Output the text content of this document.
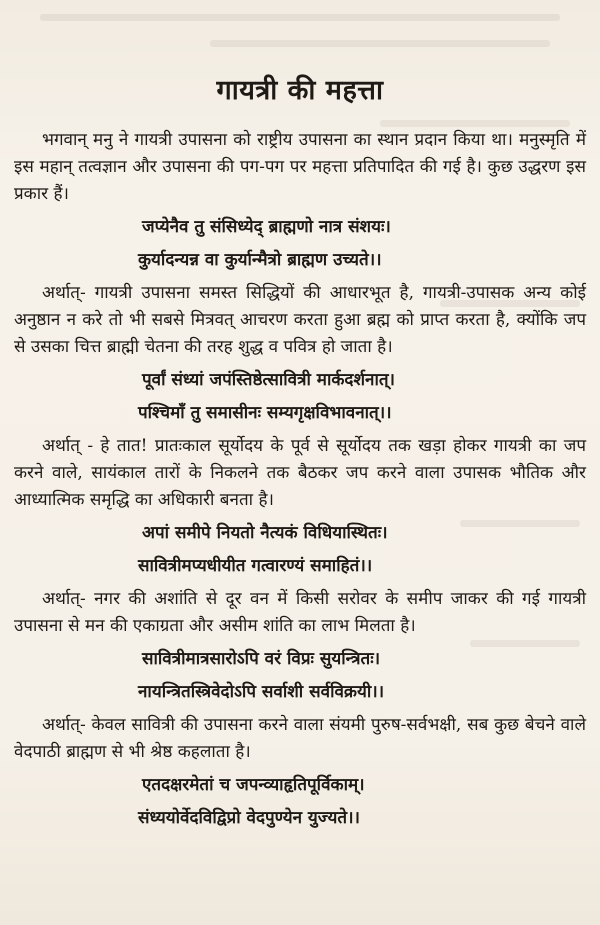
गायत्री की महत्ता

भगवान् मनु ने गायत्री उपासना को राष्ट्रीय उपासना का स्थान प्रदान किया था। मनुस्मृति में इस महान् तत्वज्ञान और उपासना की पग-पग पर महत्ता प्रतिपादित की गई है। कुछ उद्धरण इस प्रकार हैं।

जप्येनैव तु संसिध्येद् ब्राह्मणो नात्र संशयः।
कुर्यादन्यन्न वा कुर्यान्मैत्रो ब्राह्मण उच्यते।।

अर्थात्- गायत्री उपासना समस्त सिद्धियों की आधारभूत है, गायत्री-उपासक अन्य कोई अनुष्ठान न करे तो भी सबसे मित्रवत् आचरण करता हुआ ब्रह्म को प्राप्त करता है, क्योंकि जप से उसका चित्त ब्राह्मी चेतना की तरह शुद्ध व पवित्र हो जाता है।

पूर्वां संध्यां जपंस्तिष्ठेत्सावित्री मार्कदर्शनात्।
पश्चिमाँ तु समासीनः सम्यगृक्षविभावनात्।।

अर्थात् - हे तात! प्रातःकाल सूर्योदय के पूर्व से सूर्योदय तक खड़ा होकर गायत्री का जप करने वाले, सायंकाल तारों के निकलने तक बैठकर जप करने वाला उपासक भौतिक और आध्यात्मिक समृद्धि का अधिकारी बनता है।

अपां समीपे नियतो नैत्यकं विधियास्थितः।
सावित्रीमप्यधीयीत गत्वारण्यं समाहितं।।

अर्थात्- नगर की अशांति से दूर वन में किसी सरोवर के समीप जाकर की गई गायत्री उपासना से मन की एकाग्रता और असीम शांति का लाभ मिलता है।

सावित्रीमात्रसारोऽपि वरं विप्रः सुयन्त्रितः।
नायन्त्रितस्त्रिवेदोऽपि सर्वाशी सर्वविक्रयी।।

अर्थात्- केवल सावित्री की उपासना करने वाला संयमी पुरुष-सर्वभक्षी, सब कुछ बेचने वाले वेदपाठी ब्राह्मण से भी श्रेष्ठ कहलाता है।

एतदक्षरमेतां च जपन्व्याहृतिपूर्विकाम्।
संध्ययोर्वेदविद्विप्रो वेदपुण्येन युज्यते।।
